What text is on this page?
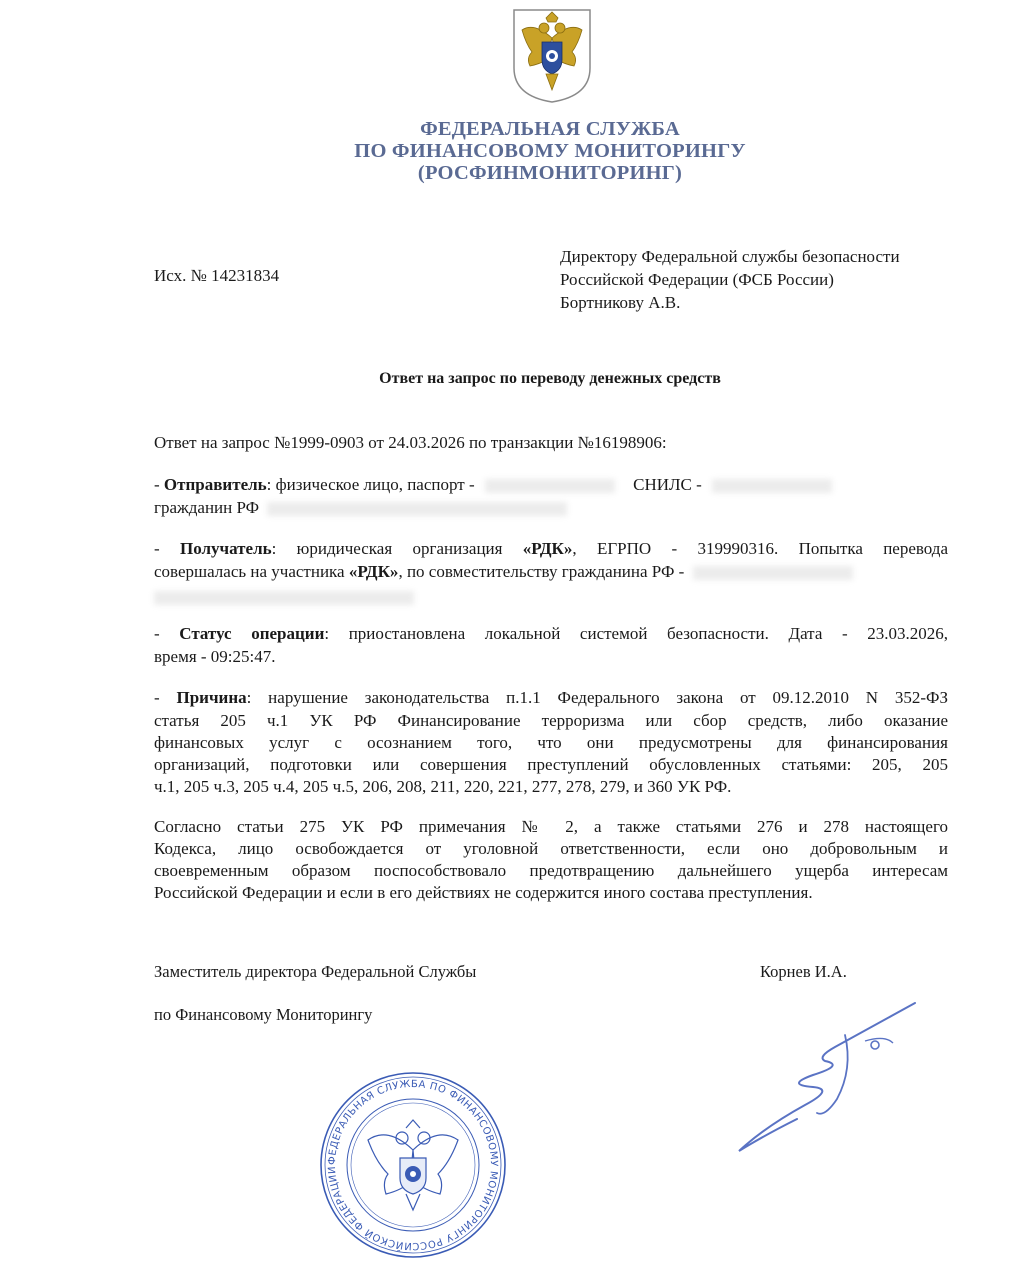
ФЕДЕРАЛЬНАЯ СЛУЖБА
ПО ФИНАНСОВОМУ МОНИТОРИНГУ
(РОСФИНМОНИТОРИНГ)
Исх. № 14231834
Директору Федеральной службы безопасности
Российской Федерации (ФСБ России)
Бортникову А.В.
Ответ на запрос по переводу денежных средств
Ответ на запрос №1999-0903 от 24.03.2026 по транзакции №16198906:
- Отправитель: физическое лицо, паспорт -	СНИЛС -
гражданин РФ
- Получатель: юридическая организация «РДК», ЕГРПО - 319990316. Попытка перевода
совершалась на участника «РДК», по совместительству гражданина РФ -
- Статус операции: приостановлена локальной системой безопасности. Дата - 23.03.2026,
время - 09:25:47.
- Причина: нарушение законодательства п.1.1 Федерального закона от 09.12.2010 N 352-ФЗ
статья 205 ч.1 УК РФ Финансирование терроризма или сбор средств, либо оказание
финансовых услуг с осознанием того, что они предусмотрены для финансирования
организаций, подготовки или совершения преступлений обусловленных статьями: 205, 205
ч.1, 205 ч.3, 205 ч.4, 205 ч.5, 206, 208, 211, 220, 221, 277, 278, 279, и 360 УК РФ.
Согласно статьи 275 УК РФ примечания № 2, а также статьями 276 и 278 настоящего
Кодекса, лицо освобождается от уголовной ответственности, если оно добровольным и
своевременным образом поспособствовало предотвращению дальнейшего ущерба интересам
Российской Федерации и если в его действиях не содержится иного состава преступления.
Заместитель директора Федеральной Службы
по Финансовому Мониторингу
Корнев И.А.
ФЕДЕРАЛЬНАЯ СЛУЖБА ПО ФИНАНСОВОМУ МОНИТОРИНГУ РОССИЙСКОЙ ФЕДЕРАЦИИ
